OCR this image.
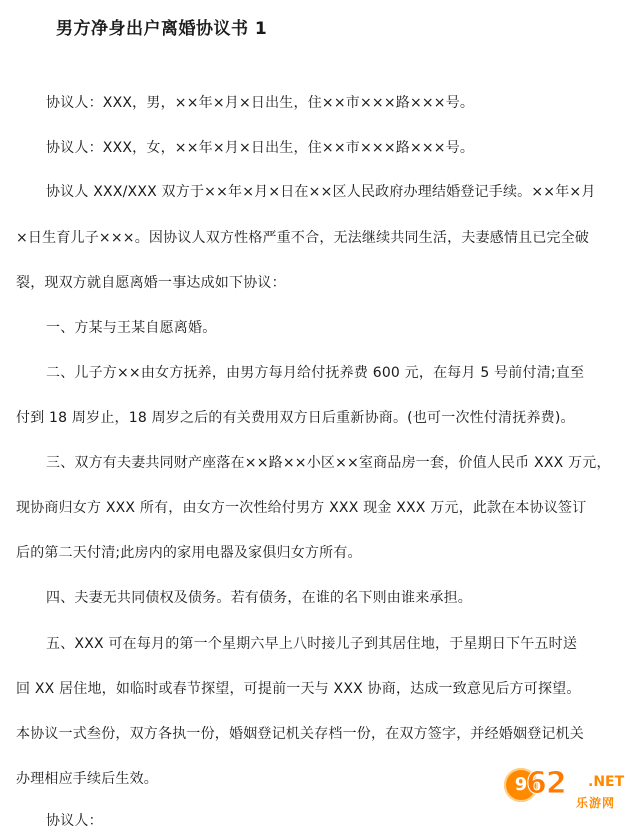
男方净身出户离婚协议书 1
协议人：XXX，男，××年×月×日出生，住××市×××路×××号。
协议人：XXX，女，××年×月×日出生，住××市×××路×××号。
协议人 XXX/XXX 双方于××年×月×日在××区人民政府办理结婚登记手续。××年×月
×日生育儿子×××。因协议人双方性格严重不合，无法继续共同生活，夫妻感情且已完全破
裂，现双方就自愿离婚一事达成如下协议：
一、方某与王某自愿离婚。
二、儿子方××由女方抚养，由男方每月给付抚养费 600 元，在每月 5 号前付清;直至
付到 18 周岁止，18 周岁之后的有关费用双方日后重新协商。(也可一次性付清抚养费)。
三、双方有夫妻共同财产座落在××路××小区××室商品房一套，价值人民币 XXX 万元，
现协商归女方 XXX 所有，由女方一次性给付男方 XXX 现金 XXX 万元，此款在本协议签订
后的第二天付清;此房内的家用电器及家俱归女方所有。
四、夫妻无共同债权及债务。若有债务，在谁的名下则由谁来承担。
五、XXX 可在每月的第一个星期六早上八时接儿子到其居住地，于星期日下午五时送
回 XX 居住地，如临时或春节探望，可提前一天与 XXX 协商，达成一致意见后方可探望。
本协议一式叁份，双方各执一份，婚姻登记机关存档一份，在双方签字，并经婚姻登记机关
办理相应手续后生效。
协议人：
9
62 .NET
乐游网
